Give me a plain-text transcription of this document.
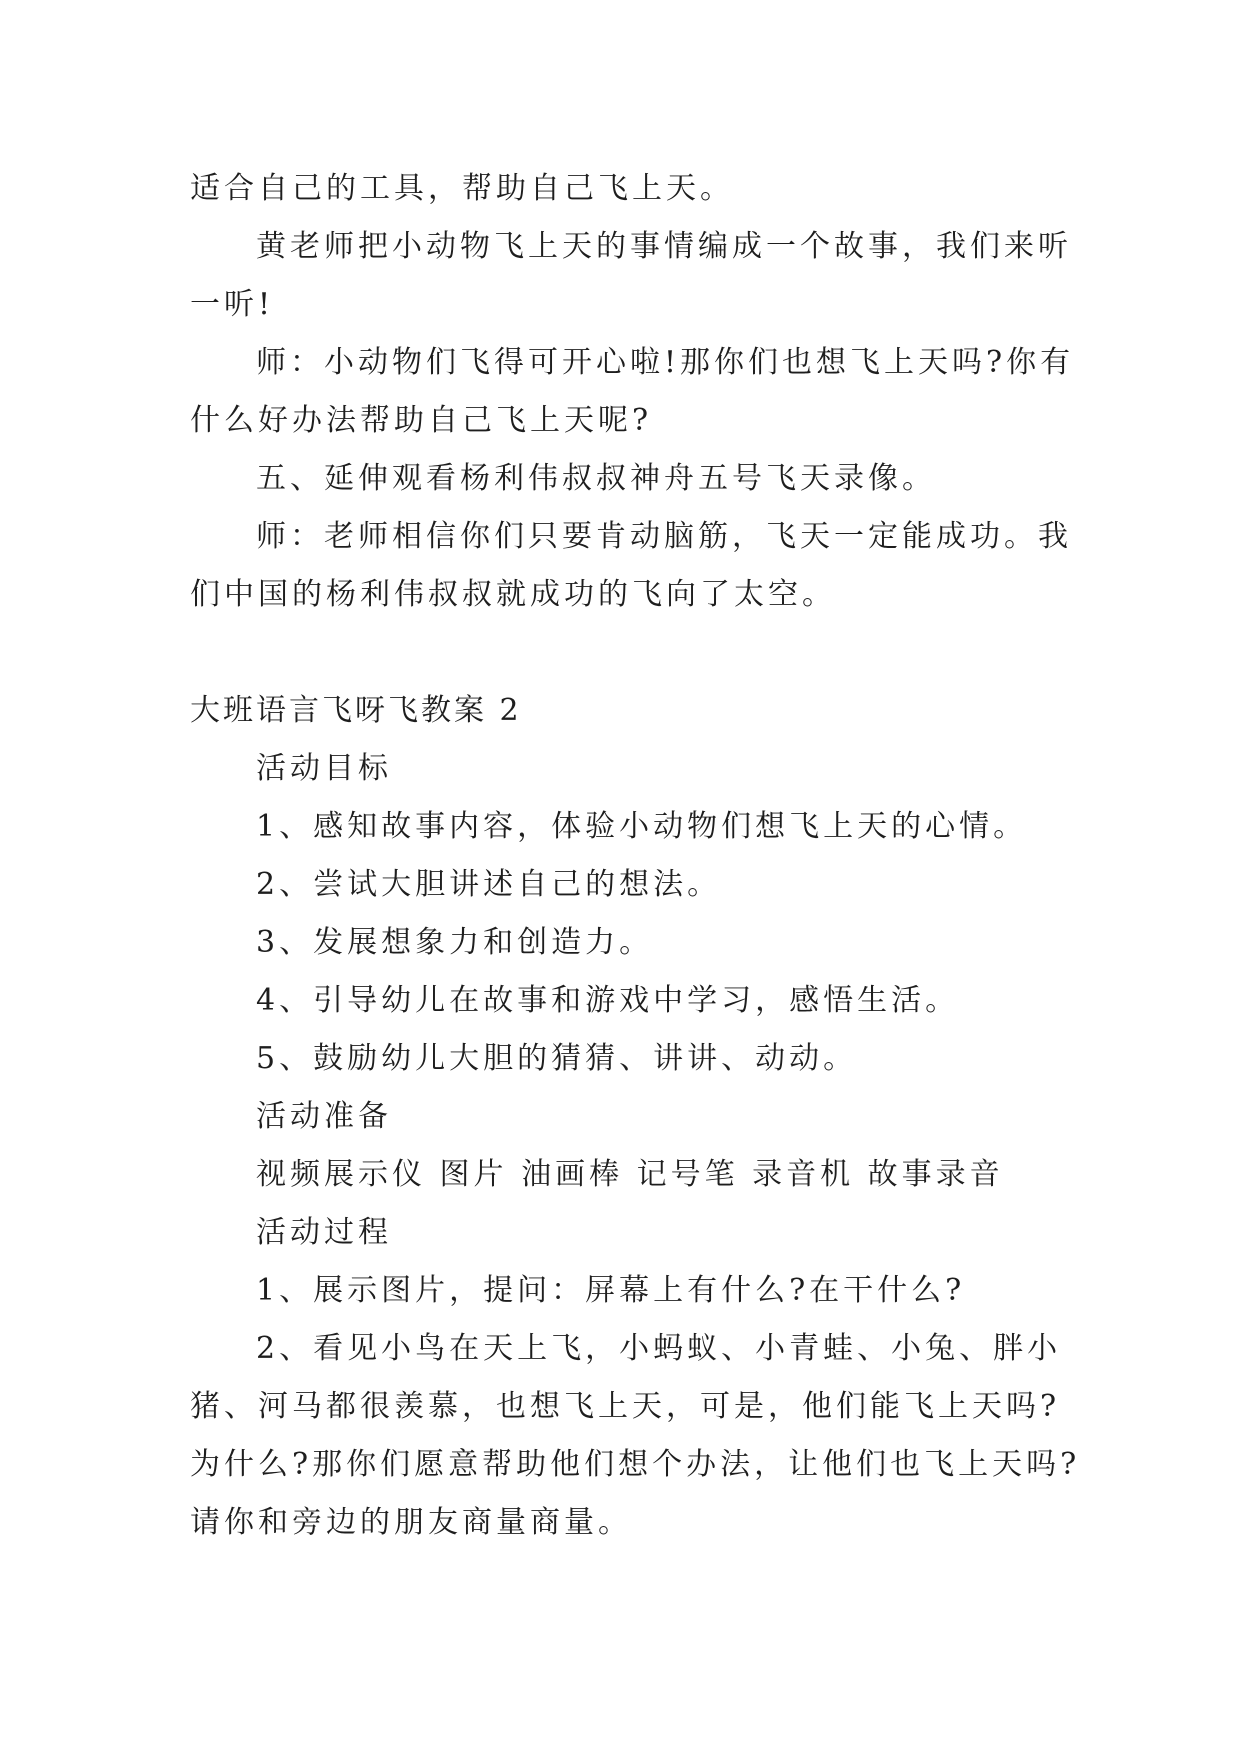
适合自己的工具，帮助自己飞上天。
黄老师把小动物飞上天的事情编成一个故事，我们来听
一听!
师：小动物们飞得可开心啦!那你们也想飞上天吗?你有
什么好办法帮助自己飞上天呢?
五、延伸观看杨利伟叔叔神舟五号飞天录像。
师：老师相信你们只要肯动脑筋，飞天一定能成功。我
们中国的杨利伟叔叔就成功的飞向了太空。
大班语言飞呀飞教案 2
活动目标
1、感知故事内容，体验小动物们想飞上天的心情。
2、尝试大胆讲述自己的想法。
3、发展想象力和创造力。
4、引导幼儿在故事和游戏中学习，感悟生活。
5、鼓励幼儿大胆的猜猜、讲讲、动动。
活动准备
视频展示仪 图片 油画棒 记号笔 录音机 故事录音
活动过程
1、展示图片，提问：屏幕上有什么?在干什么?
2、看见小鸟在天上飞，小蚂蚁、小青蛙、小兔、胖小
猪、河马都很羡慕，也想飞上天，可是，他们能飞上天吗?
为什么?那你们愿意帮助他们想个办法，让他们也飞上天吗?
请你和旁边的朋友商量商量。
